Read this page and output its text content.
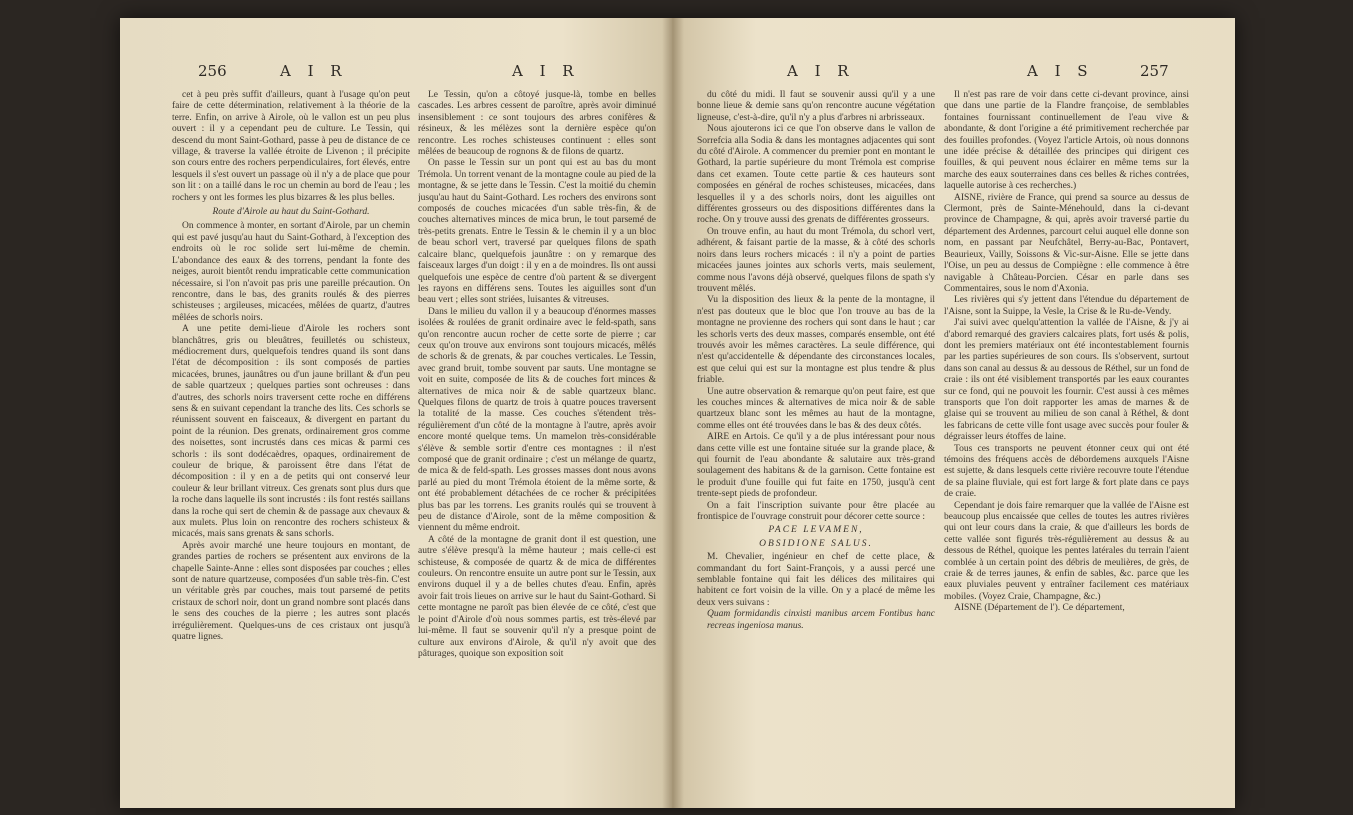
256	A I R	A I R

cet à peu près suffit d'ailleurs, quant à l'usage qu'on peut faire de cette détermination, relativement à la théorie de la terre. Enfin, on arrive à Airole, où le vallon est un peu plus ouvert : il y a cependant peu de culture. Le Tessin, qui descend du mont Saint-Gothard, passe à peu de distance de ce village, & traverse la vallée étroite de Livenon ; il précipite son cours entre des rochers perpendiculaires, fort élevés, entre lesquels il s'est ouvert un passage où il n'y a de place que pour son lit : on a taillé dans le roc un chemin au bord de l'eau ; les rochers y ont les formes les plus bizarres & les plus belles.

Route d'Airole au haut du Saint-Gothard.

On commence à monter, en sortant d'Airole, par un chemin qui est pavé jusqu'au haut du Saint-Gothard, à l'exception des endroits où le roc solide sert lui-même de chemin. L'abondance des eaux & des torrens, pendant la fonte des neiges, auroit bientôt rendu impraticable cette communication nécessaire, si l'on n'avoit pas pris une pareille précaution. On rencontre, dans le bas, des granits roulés & des pierres schisteuses ; argileuses, micacées, mêlées de quartz, d'autres mêlées de schorls noirs.

A une petite demi-lieue d'Airole les rochers sont blanchâtres, gris ou bleuâtres, feuilletés ou schisteux, médiocrement durs, quelquefois tendres quand ils sont dans l'état de décomposition : ils sont composés de parties micacées, brunes, jaunâtres ou d'un jaune brillant & d'un peu de sable quartzeux ; quelques parties sont ochreuses : dans d'autres, des schorls noirs traversent cette roche en différens sens & en suivant cependant la tranche des lits. Ces schorls se réunissent souvent en faisceaux, & divergent en partant du point de la réunion. Des grenats, ordinairement gros comme des noisettes, sont incrustés dans ces micas & parmi ces schorls : ils sont dodécaèdres, opaques, ordinairement de couleur de brique, & paroissent être dans l'état de décomposition : il y en a de petits qui ont conservé leur couleur & leur brillant vitreux. Ces grenats sont plus durs que la roche dans laquelle ils sont incrustés : ils font restés saillans dans la roche qui sert de chemin & de passage aux chevaux & aux mulets. Plus loin on rencontre des rochers schisteux & micacés, mais sans grenats & sans schorls.

Après avoir marché une heure toujours en montant, de grandes parties de rochers se présentent aux environs de la chapelle Sainte-Anne : elles sont disposées par couches ; elles sont de nature quartzeuse, composées d'un sable très-fin. C'est un véritable grès par couches, mais tout parsemé de petits cristaux de schorl noir, dont un grand nombre sont placés dans le sens des couches de la pierre ; les autres sont placés irrégulièrement. Quelques-uns de ces cristaux ont jusqu'à quatre lignes.

Le Tessin, qu'on a côtoyé jusque-là, tombe en belles cascades. Les arbres cessent de paroître, après avoir diminué insensiblement : ce sont toujours des arbres conifères & résineux, & les mélèzes sont la dernière espèce qu'on rencontre. Les roches schisteuses continuent : elles sont mêlées de beaucoup de rognons & de filons de quartz.

On passe le Tessin sur un pont qui est au bas du mont Trémola. Un torrent venant de la montagne coule au pied de la montagne, & se jette dans le Tessin. C'est la moitié du chemin jusqu'au haut du Saint-Gothard. Les rochers des environs sont composés de couches micacées d'un sable très-fin, & de couches alternatives minces de mica brun, le tout parsemé de très-petits grenats. Entre le Tessin & le chemin il y a un bloc de beau schorl vert, traversé par quelques filons de spath calcaire blanc, quelquefois jaunâtre : on y remarque des faisceaux larges d'un doigt : il y en a de moindres. Ils ont aussi quelquefois une espèce de centre d'où partent & se divergent les rayons en différens sens. Toutes les aiguilles sont d'un beau vert ; elles sont striées, luisantes & vitreuses.

Dans le milieu du vallon il y a beaucoup d'énormes masses isolées & roulées de granit ordinaire avec le feld-spath, sans qu'on rencontre aucun rocher de cette sorte de pierre ; car ceux qu'on trouve aux environs sont toujours micacés, mêlés de schorls & de grenats, & par couches verticales. Le Tessin, avec grand bruit, tombe souvent par sauts. Une montagne se voit en suite, composée de lits & de couches fort minces & alternatives de mica noir & de sable quartzeux blanc. Quelques filons de quartz de trois à quatre pouces traversent la totalité de la masse. Ces couches s'étendent très-régulièrement d'un côté de la montagne à l'autre, après avoir encore monté quelque tems. Un mamelon très-considérable s'élève & semble sortir d'entre ces montagnes : il n'est composé que de granit ordinaire ; c'est un mélange de quartz, de mica & de feld-spath. Les grosses masses dont nous avons parlé au pied du mont Trémola étoient de la même sorte, & ont été probablement détachées de ce rocher & précipitées plus bas par les torrens. Les granits roulés qui se trouvent à peu de distance d'Airole, sont de la même composition & viennent du même endroit.

A côté de la montagne de granit dont il est question, une autre s'élève presqu'à la même hauteur ; mais celle-ci est schisteuse, & composée de quartz & de mica de différentes couleurs. On rencontre ensuite un autre pont sur le Tessin, aux environs duquel il y a de belles chutes d'eau. Enfin, après avoir fait trois lieues on arrive sur le haut du Saint-Gothard. Si cette montagne ne paroît pas bien élevée de ce côté, c'est que le point d'Airole d'où nous sommes partis, est très-élevé par lui-même. Il faut se souvenir qu'il n'y a presque point de culture aux environs d'Airole, & qu'il n'y avoit que des pâturages, quoique son exposition soit

A I R	A I S	257

du côté du midi. Il faut se souvenir aussi qu'il y a une bonne lieue & demie sans qu'on rencontre aucune végétation ligneuse, c'est-à-dire, qu'il n'y a plus d'arbres ni arbrisseaux.

Nous ajouterons ici ce que l'on observe dans le vallon de Sorrefcia alla Sodia & dans les montagnes adjacentes qui sont du côté d'Airole. A commencer du premier pont en montant le Gothard, la partie supérieure du mont Trémola est comprise dans cet examen. Toute cette partie & ces hauteurs sont composées en général de roches schisteuses, micacées, dans lesquelles il y a des schorls noirs, dont les aiguilles ont différentes grosseurs ou des dispositions différentes dans la roche. On y trouve aussi des grenats de différentes grosseurs.

On trouve enfin, au haut du mont Trémola, du schorl vert, adhérent, & faisant partie de la masse, & à côté des schorls noirs dans leurs rochers micacés : il n'y a point de parties micacées jaunes jointes aux schorls verts, mais seulement, comme nous l'avons déjà observé, quelques filons de spath s'y trouvent mêlés.

Vu la disposition des lieux & la pente de la montagne, il n'est pas douteux que le bloc que l'on trouve au bas de la montagne ne provienne des rochers qui sont dans le haut ; car les schorls verts des deux masses, comparés ensemble, ont été trouvés avoir les mêmes caractères. La seule différence, qui n'est qu'accidentelle & dépendante des circonstances locales, est que celui qui est sur la montagne est plus tendre & plus friable.

Une autre observation & remarque qu'on peut faire, est que les couches minces & alternatives de mica noir & de sable quartzeux blanc sont les mêmes au haut de la montagne, comme elles ont été trouvées dans le bas & des deux côtés.

AIRE en Artois. Ce qu'il y a de plus intéressant pour nous dans cette ville est une fontaine située sur la grande place, & qui fournit de l'eau abondante & salutaire aux très-grand soulagement des habitans & de la garnison. Cette fontaine est le produit d'une fouille qui fut faite en 1750, jusqu'à cent trente-sept pieds de profondeur.

On a fait l'inscription suivante pour être placée au frontispice de l'ouvrage construit pour décorer cette source :

PACE LEVAMEN,

OBSIDIONE SALUS.

M. Chevalier, ingénieur en chef de cette place, & commandant du fort Saint-François, y a aussi percé une semblable fontaine qui fait les délices des militaires qui habitent ce fort voisin de la ville. On y a placé de même les deux vers suivans :

Quam formidandis cinxisti manibus arcem Fontibus hanc recreas ingeniosa manus.

Il n'est pas rare de voir dans cette ci-devant province, ainsi que dans une partie de la Flandre françoise, de semblables fontaines fournissant continuellement de l'eau vive & abondante, & dont l'origine a été primitivement recherchée par des fouilles profondes. (Voyez l'article Artois, où nous donnons une idée précise & détaillée des principes qui dirigent ces fouilles, & qui peuvent nous éclairer en même tems sur la marche des eaux souterraines dans ces belles & riches contrées, laquelle autorise à ces recherches.)

AISNE, rivière de France, qui prend sa source au dessus de Clermont, près de Sainte-Ménehould, dans la ci-devant province de Champagne, & qui, après avoir traversé partie du département des Ardennes, parcourt celui auquel elle donne son nom, en passant par Neufchâtel, Berry-au-Bac, Pontavert, Beaurieux, Vailly, Soissons & Vic-sur-Aisne. Elle se jette dans l'Oise, un peu au dessus de Compiègne : elle commence à être navigable à Château-Porcien. César en parle dans ses Commentaires, sous le nom d'Axonia.

Les rivières qui s'y jettent dans l'étendue du département de l'Aisne, sont la Suippe, la Vesle, la Crise & le Ru-de-Vendy.

J'ai suivi avec quelqu'attention la vallée de l'Aisne, & j'y ai d'abord remarqué des graviers calcaires plats, fort usés & polis, dont les premiers matériaux ont été incontestablement fournis par les parties supérieures de son cours. Ils s'observent, surtout dans son canal au dessus & au dessous de Réthel, sur un fond de craie : ils ont été visiblement transportés par les eaux courantes sur ce fond, qui ne pouvoit les fournir. C'est aussi à ces mêmes transports que l'on doit rapporter les amas de marnes & de glaise qui se trouvent au milieu de son canal à Réthel, & dont les fabricans de cette ville font usage avec succès pour fouler & dégraisser leurs étoffes de laine.

Tous ces transports ne peuvent étonner ceux qui ont été témoins des fréquens accès de débordemens auxquels l'Aisne est sujette, & dans lesquels cette rivière recouvre toute l'étendue de sa plaine fluviale, qui est fort large & fort plate dans ce pays de craie.

Cependant je dois faire remarquer que la vallée de l'Aisne est beaucoup plus encaissée que celles de toutes les autres rivières qui ont leur cours dans la craie, & que d'ailleurs les bords de cette vallée sont figurés très-régulièrement au dessus & au dessous de Réthel, quoique les pentes latérales du terrain l'aient comblée à un certain point des débris de meulières, de grès, de craie & de terres jaunes, & enfin de sables, &c. parce que les eaux pluviales peuvent y entraîner facilement ces matériaux mobiles. (Voyez Craie, Champagne, &c.)

AISNE (Département de l'). Ce département,
